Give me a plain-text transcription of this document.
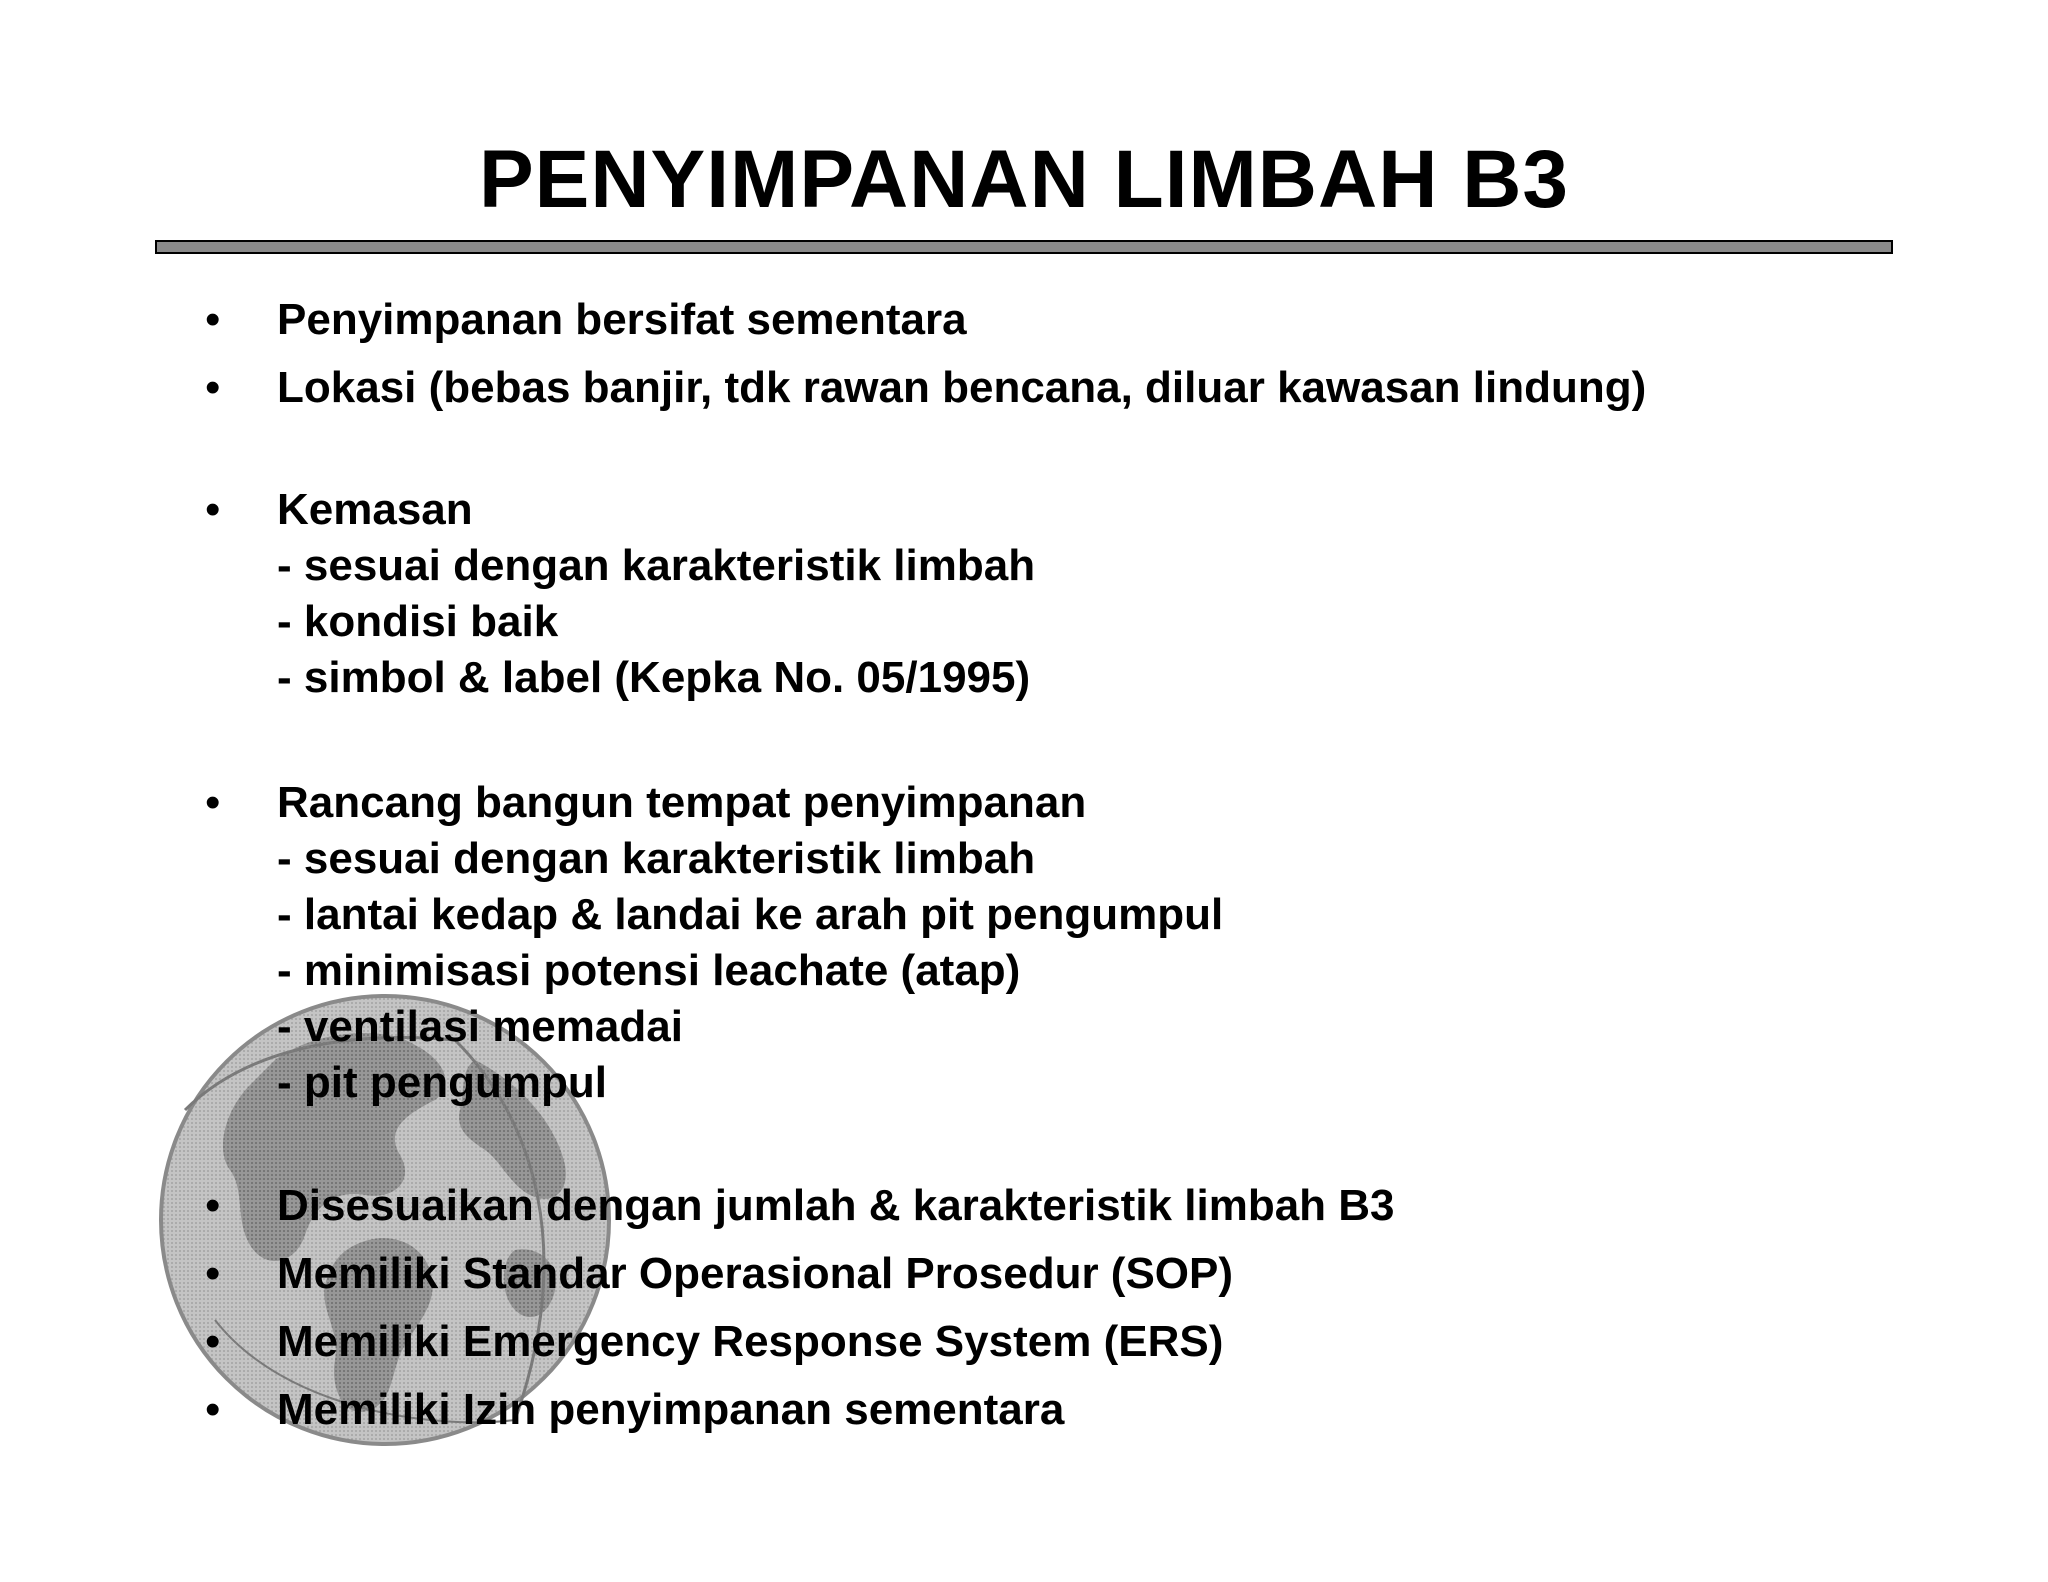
PENYIMPANAN LIMBAH B3
•	Penyimpanan bersifat sementara
•	Lokasi (bebas banjir, tdk rawan bencana, diluar kawasan lindung)
•	Kemasan
- sesuai dengan karakteristik limbah
- kondisi baik
- simbol & label (Kepka No. 05/1995)
•	Rancang bangun tempat penyimpanan
- sesuai dengan karakteristik limbah
- lantai kedap & landai ke arah pit pengumpul
- minimisasi potensi leachate (atap)
- ventilasi memadai
- pit pengumpul
•	Disesuaikan dengan jumlah & karakteristik limbah B3
•	Memiliki Standar Operasional Prosedur (SOP)
•	Memiliki Emergency Response System (ERS)
•	Memiliki Izin penyimpanan sementara
